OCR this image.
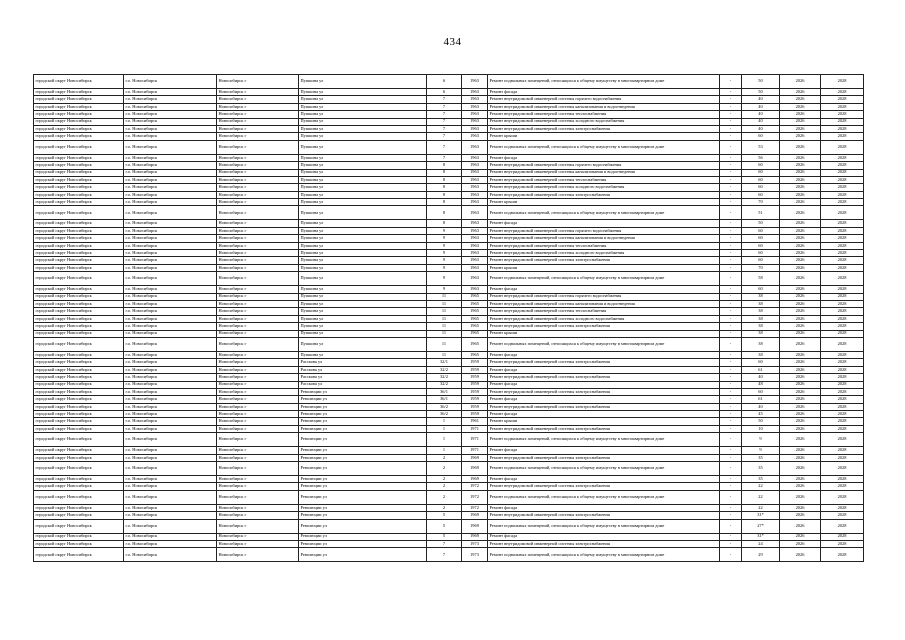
434
городской округ Новосибирск	г.о. Новосибирск	Новосибирск г	Пушкина ул	6	1963	Ремонт подвальных помещений, относящихся к общему имуществу в многоквартирном доме	-	50	2026	2028
городской округ Новосибирск	г.о. Новосибирск	Новосибирск г	Пушкина ул	6	1963	Ремонт фасада	-	50	2026	2028
городской округ Новосибирск	г.о. Новосибирск	Новосибирск г	Пушкина ул	7	1963	Ремонт внутридомовой инженерной системы горячего водоснабжения	-	40	2026	2028
городской округ Новосибирск	г.о. Новосибирск	Новосибирск г	Пушкина ул	7	1963	Ремонт внутридомовой инженерной системы канализования и водоотведения	-	40	2026	2028
городской округ Новосибирск	г.о. Новосибирск	Новосибирск г	Пушкина ул	7	1963	Ремонт внутридомовой инженерной системы теплоснабжения	-	40	2026	2028
городской округ Новосибирск	г.о. Новосибирск	Новосибирск г	Пушкина ул	7	1963	Ремонт внутридомовой инженерной системы холодного водоснабжения	-	40	2026	2028
городской округ Новосибирск	г.о. Новосибирск	Новосибирск г	Пушкина ул	7	1963	Ремонт внутридомовой инженерной системы электроснабжения	-	40	2026	2028
городской округ Новосибирск	г.о. Новосибирск	Новосибирск г	Пушкина ул	7	1963	Ремонт крыши	-	60	2026	2028
городской округ Новосибирск	г.о. Новосибирск	Новосибирск г	Пушкина ул	7	1963	Ремонт подвальных помещений, относящихся к общему имуществу в многоквартирном доме	-	53	2026	2028
городской округ Новосибирск	г.о. Новосибирск	Новосибирск г	Пушкина ул	7	1963	Ремонт фасада	-	56	2026	2028
городской округ Новосибирск	г.о. Новосибирск	Новосибирск г	Пушкина ул	8	1963	Ремонт внутридомовой инженерной системы горячего водоснабжения	-	60	2026	2028
городской округ Новосибирск	г.о. Новосибирск	Новосибирск г	Пушкина ул	8	1963	Ремонт внутридомовой инженерной системы канализования и водоотведения	-	60	2026	2028
городской округ Новосибирск	г.о. Новосибирск	Новосибирск г	Пушкина ул	8	1963	Ремонт внутридомовой инженерной системы теплоснабжения	-	60	2026	2028
городской округ Новосибирск	г.о. Новосибирск	Новосибирск г	Пушкина ул	8	1963	Ремонт внутридомовой инженерной системы холодного водоснабжения	-	60	2026	2028
городской округ Новосибирск	г.о. Новосибирск	Новосибирск г	Пушкина ул	8	1963	Ремонт внутридомовой инженерной системы электроснабжения	-	60	2026	2028
городской округ Новосибирск	г.о. Новосибирск	Новосибирск г	Пушкина ул	8	1963	Ремонт крыши	-	70	2026	2028
городской округ Новосибирск	г.о. Новосибирск	Новосибирск г	Пушкина ул	8	1963	Ремонт подвальных помещений, относящихся к общему имуществу в многоквартирном доме	-	51	2026	2028
городской округ Новосибирск	г.о. Новосибирск	Новосибирск г	Пушкина ул	8	1963	Ремонт фасада	-	50	2026	2028
городской округ Новосибирск	г.о. Новосибирск	Новосибирск г	Пушкина ул	9	1963	Ремонт внутридомовой инженерной системы горячего водоснабжения	-	60	2026	2028
городской округ Новосибирск	г.о. Новосибирск	Новосибирск г	Пушкина ул	9	1963	Ремонт внутридомовой инженерной системы канализования и водоотведения	-	60	2026	2028
городской округ Новосибирск	г.о. Новосибирск	Новосибирск г	Пушкина ул	9	1963	Ремонт внутридомовой инженерной системы теплоснабжения	-	60	2026	2028
городской округ Новосибирск	г.о. Новосибирск	Новосибирск г	Пушкина ул	9	1963	Ремонт внутридомовой инженерной системы холодного водоснабжения	-	60	2026	2028
городской округ Новосибирск	г.о. Новосибирск	Новосибирск г	Пушкина ул	9	1963	Ремонт внутридомовой инженерной системы электроснабжения	-	60	2026	2028
городской округ Новосибирск	г.о. Новосибирск	Новосибирск г	Пушкина ул	9	1963	Ремонт крыши	-	70	2026	2028
городской округ Новосибирск	г.о. Новосибирск	Новосибирск г	Пушкина ул	9	1963	Ремонт подвальных помещений, относящихся к общему имуществу в многоквартирном доме	-	58	2026	2028
городской округ Новосибирск	г.о. Новосибирск	Новосибирск г	Пушкина ул	9	1963	Ремонт фасада	-	60	2026	2028
городской округ Новосибирск	г.о. Новосибирск	Новосибирск г	Пушкина ул	11	1965	Ремонт внутридомовой инженерной системы горячего водоснабжения	-	38	2026	2028
городской округ Новосибирск	г.о. Новосибирск	Новосибирск г	Пушкина ул	11	1965	Ремонт внутридомовой инженерной системы канализования и водоотведения	-	38	2026	2028
городской округ Новосибирск	г.о. Новосибирск	Новосибирск г	Пушкина ул	11	1965	Ремонт внутридомовой инженерной системы теплоснабжения	-	38	2026	2028
городской округ Новосибирск	г.о. Новосибирск	Новосибирск г	Пушкина ул	11	1965	Ремонт внутридомовой инженерной системы холодного водоснабжения	-	38	2026	2028
городской округ Новосибирск	г.о. Новосибирск	Новосибирск г	Пушкина ул	11	1965	Ремонт внутридомовой инженерной системы электроснабжения	-	38	2026	2028
городской округ Новосибирск	г.о. Новосибирск	Новосибирск г	Пушкина ул	11	1965	Ремонт крыши	-	38	2026	2028
городской округ Новосибирск	г.о. Новосибирск	Новосибирск г	Пушкина ул	11	1965	Ремонт подвальных помещений, относящихся к общему имуществу в многоквартирном доме	-	38	2026	2028
городской округ Новосибирск	г.о. Новосибирск	Новосибирск г	Пушкина ул	11	1965	Ремонт фасада	-	38	2026	2028
городской округ Новосибирск	г.о. Новосибирск	Новосибирск г	Расскова ул	32/1	1959	Ремонт внутридомовой инженерной системы электроснабжения	-	60	2026	2028
городской округ Новосибирск	г.о. Новосибирск	Новосибирск г	Расскова ул	32/2	1959	Ремонт фасада	-	61	2026	2028
городской округ Новосибирск	г.о. Новосибирск	Новосибирск г	Расскова ул	32/2	1959	Ремонт внутридомовой инженерной системы электроснабжения	-	40	2026	2028
городской округ Новосибирск	г.о. Новосибирск	Новосибирск г	Расскова ул	32/2	1959	Ремонт фасада	-	48	2026	2028
городской округ Новосибирск	г.о. Новосибирск	Новосибирск г	Революции ул	36/1	1959	Ремонт внутридомовой инженерной системы электроснабжения	-	60	2026	2028
городской округ Новосибирск	г.о. Новосибирск	Новосибирск г	Революции ул	36/1	1959	Ремонт фасада	-	61	2026	2028
городской округ Новосибирск	г.о. Новосибирск	Новосибирск г	Революции ул	36/2	1959	Ремонт внутридомовой инженерной системы электроснабжения	-	40	2026	2028
городской округ Новосибирск	г.о. Новосибирск	Новосибирск г	Революции ул	36/2	1959	Ремонт фасада	-	45	2026	2028
городской округ Новосибирск	г.о. Новосибирск	Новосибирск г	Революции ул	1	1961	Ремонт крыши	-	50	2026	2028
городской округ Новосибирск	г.о. Новосибирск	Новосибирск г	Революции ул	1	1971	Ремонт внутридомовой инженерной системы электроснабжения	-	10	2026	2028
городской округ Новосибирск	г.о. Новосибирск	Новосибирск г	Революции ул	1	1971	Ремонт подвальных помещений, относящихся к общему имуществу в многоквартирном доме	-	9	2026	2028
городской округ Новосибирск	г.о. Новосибирск	Новосибирск г	Революции ул	1	1971	Ремонт фасада	-	9	2026	2028
городской округ Новосибирск	г.о. Новосибирск	Новосибирск г	Революции ул	2	1969	Ремонт внутридомовой инженерной системы электроснабжения	-	35	2026	2028
городской округ Новосибирск	г.о. Новосибирск	Новосибирск г	Революции ул	2	1969	Ремонт подвальных помещений, относящихся к общему имуществу в многоквартирном доме	-	35	2026	2028
городской округ Новосибирск	г.о. Новосибирск	Новосибирск г	Революции ул	2	1969	Ремонт фасада	-	35	2026	2028
городской округ Новосибирск	г.о. Новосибирск	Новосибирск г	Революции ул	2	1972	Ремонт внутридомовой инженерной системы электроснабжения	-	22	2026	2028
городской округ Новосибирск	г.о. Новосибирск	Новосибирск г	Революции ул	2	1972	Ремонт подвальных помещений, относящихся к общему имуществу в многоквартирном доме	-	22	2026	2028
городской округ Новосибирск	г.о. Новосибирск	Новосибирск г	Революции ул	2	1972	Ремонт фасада	-	22	2026	2028
городской округ Новосибирск	г.о. Новосибирск	Новосибирск г	Революции ул	5	1969	Ремонт внутридомовой инженерной системы электроснабжения	-	31*	2026	2028
городской округ Новосибирск	г.о. Новосибирск	Новосибирск г	Революции ул	5	1969	Ремонт подвальных помещений, относящихся к общему имуществу в многоквартирном доме	-	27*	2026	2028
городской округ Новосибирск	г.о. Новосибирск	Новосибирск г	Революции ул	5	1969	Ремонт фасада	-	31*	2026	2028
городской округ Новосибирск	г.о. Новосибирск	Новосибирск г	Революции ул	7	1973	Ремонт внутридомовой инженерной системы электроснабжения	-	24	2026	2028
городской округ Новосибирск	г.о. Новосибирск	Новосибирск г	Революции ул	7	1973	Ремонт подвальных помещений, относящихся к общему имуществу в многоквартирном доме	-	29	2026	2028
